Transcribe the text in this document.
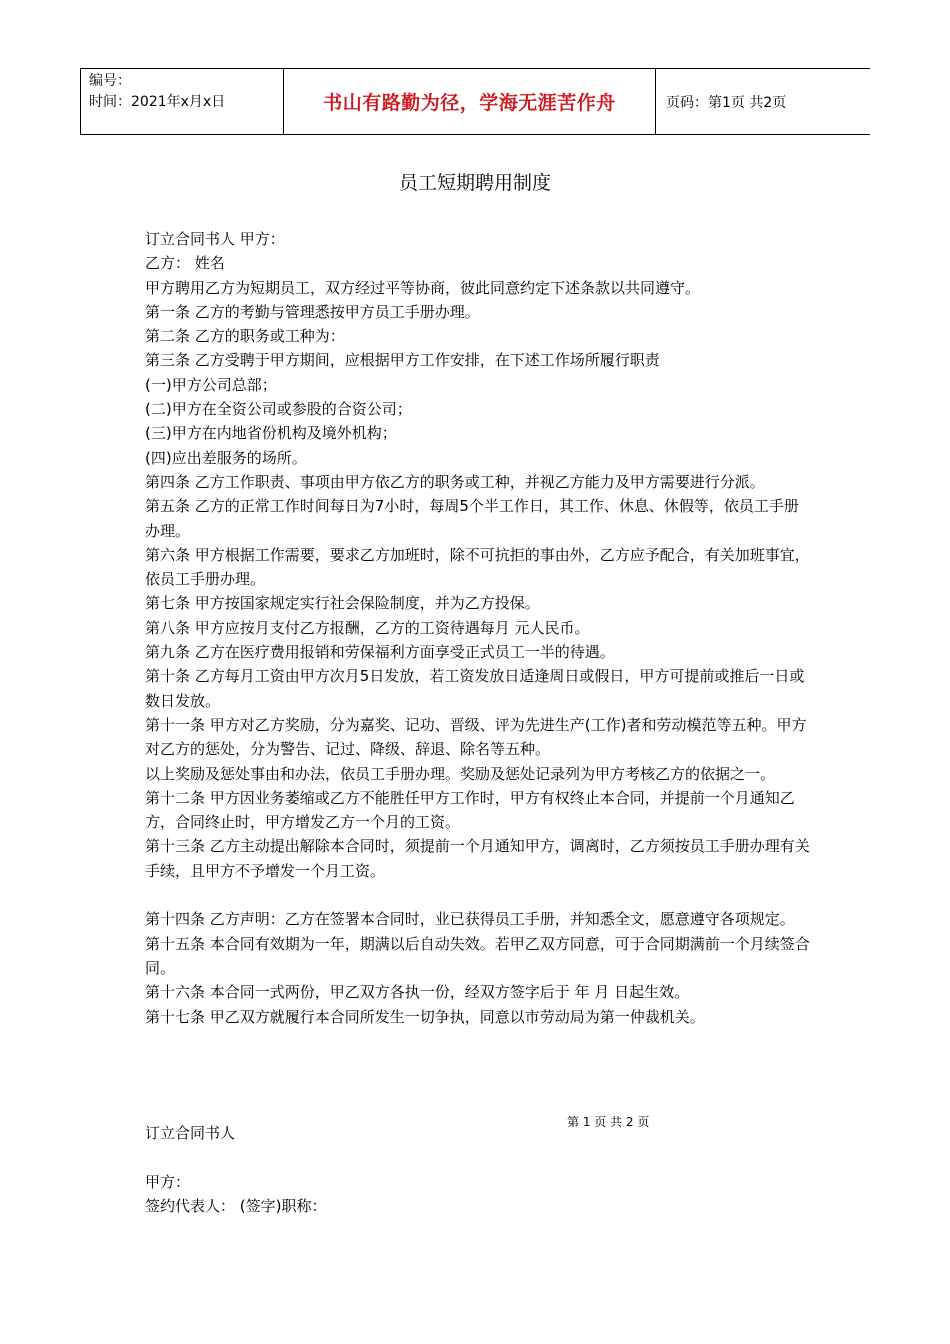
编号：
时间：2021年x月x日	书山有路勤为径，学海无涯苦作舟	页码：第1页 共2页
员工短期聘用制度

订立合同书人 甲方：

乙方： 姓名

甲方聘用乙方为短期员工，双方经过平等协商，彼此同意约定下述条款以共同遵守。

第一条 乙方的考勤与管理悉按甲方员工手册办理。

第二条 乙方的职务或工种为：

第三条 乙方受聘于甲方期间，应根据甲方工作安排，在下述工作场所履行职责

(一)甲方公司总部；

(二)甲方在全资公司或参股的合资公司；

(三)甲方在内地省份机构及境外机构；

(四)应出差服务的场所。

第四条 乙方工作职责、事项由甲方依乙方的职务或工种，并视乙方能力及甲方需要进行分派。

第五条 乙方的正常工作时间每日为7小时，每周5个半工作日，其工作、休息、休假等，依员工手册办理。

第六条 甲方根据工作需要，要求乙方加班时，除不可抗拒的事由外，乙方应予配合，有关加班事宜，依员工手册办理。

第七条 甲方按国家规定实行社会保险制度，并为乙方投保。

第八条 甲方应按月支付乙方报酬，乙方的工资待遇每月 元人民币。

第九条 乙方在医疗费用报销和劳保福利方面享受正式员工一半的待遇。

第十条 乙方每月工资由甲方次月5日发放，若工资发放日适逢周日或假日，甲方可提前或推后一日或数日发放。

第十一条 甲方对乙方奖励，分为嘉奖、记功、晋级、评为先进生产(工作)者和劳动模范等五种。甲方对乙方的惩处，分为警告、记过、降级、辞退、除名等五种。

以上奖励及惩处事由和办法，依员工手册办理。奖励及惩处记录列为甲方考核乙方的依据之一。

第十二条 甲方因业务萎缩或乙方不能胜任甲方工作时，甲方有权终止本合同，并提前一个月通知乙方，合同终止时，甲方增发乙方一个月的工资。

第十三条 乙方主动提出解除本合同时，须提前一个月通知甲方，调离时，乙方须按员工手册办理有关手续，且甲方不予增发一个月工资。

第十四条 乙方声明：乙方在签署本合同时，业已获得员工手册，并知悉全文，愿意遵守各项规定。

第十五条 本合同有效期为一年，期满以后自动失效。若甲乙双方同意，可于合同期满前一个月续签合同。

第十六条 本合同一式两份，甲乙双方各执一份，经双方签字后于 年 月 日起生效。

第十七条 甲乙双方就履行本合同所发生一切争执，同意以市劳动局为第一仲裁机关。

第 1 页 共 2 页

订立合同书人

甲方：

签约代表人： (签字)职称：
